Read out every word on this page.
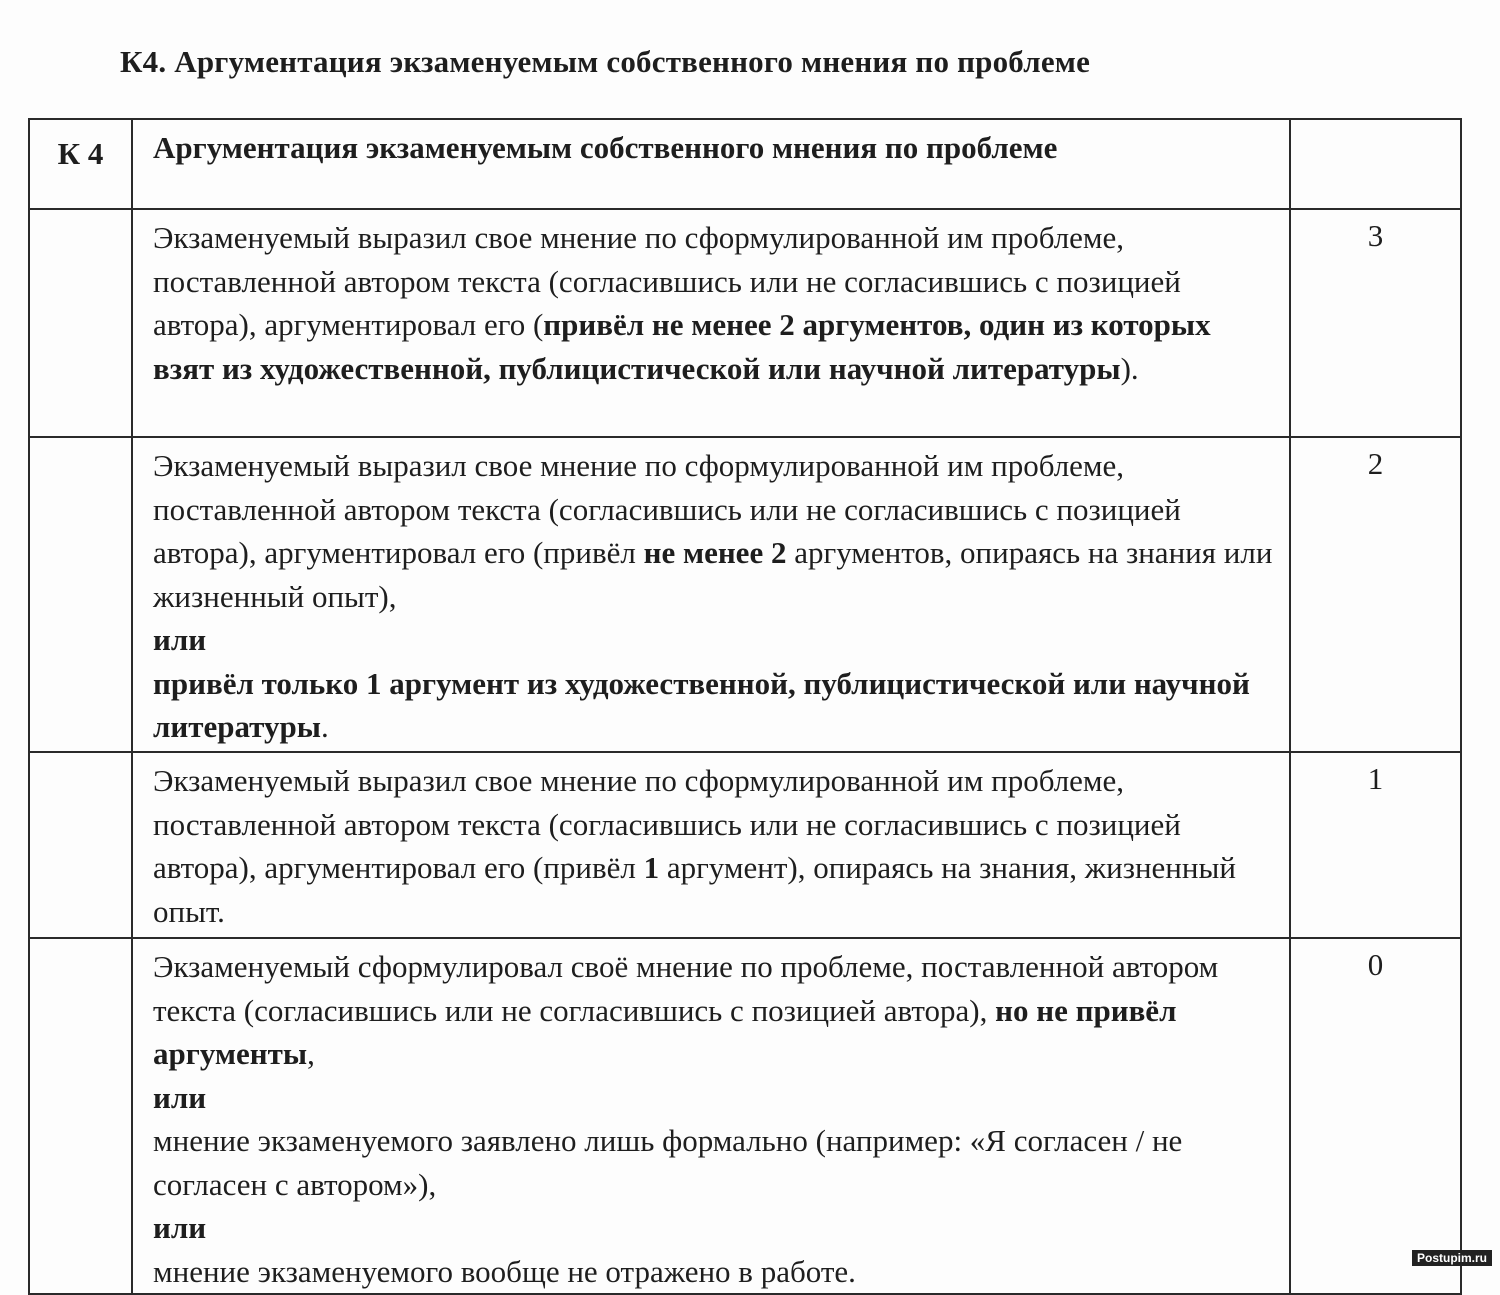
К4. Аргументация экзаменуемым собственного мнения по проблеме
К 4	Аргументация экзаменуемым собственного мнения по проблеме	

	Экзаменуемый выразил свое мнение по сформулированной им проблеме, поставленной автором текста (согласившись или не согласившись с позицией автора), аргументировал его (привёл не менее 2 аргументов, один из которых взят из художественной, публицистической или научной литературы).	3

	Экзаменуемый выразил свое мнение по сформулированной им проблеме, поставленной автором текста (согласившись или не согласившись с позицией автора), аргументировал его (привёл не менее 2 аргументов, опираясь на знания или жизненный опыт),

или

привёл только 1 аргумент из художественной, публицистической или научной литературы.	2

	Экзаменуемый выразил свое мнение по сформулированной им проблеме, поставленной автором текста (согласившись или не согласившись с позицией автора), аргументировал его (привёл 1 аргумент), опираясь на знания, жизненный опыт.	1

	Экзаменуемый сформулировал своё мнение по проблеме, поставленной автором текста (согласившись или не согласившись с позицией автора), но не привёл аргументы,

или

мнение экзаменуемого заявлено лишь формально (например: «Я согласен / не согласен с автором»),

или

мнение экзаменуемого вообще не отражено в работе.	0
Postupim.ru
